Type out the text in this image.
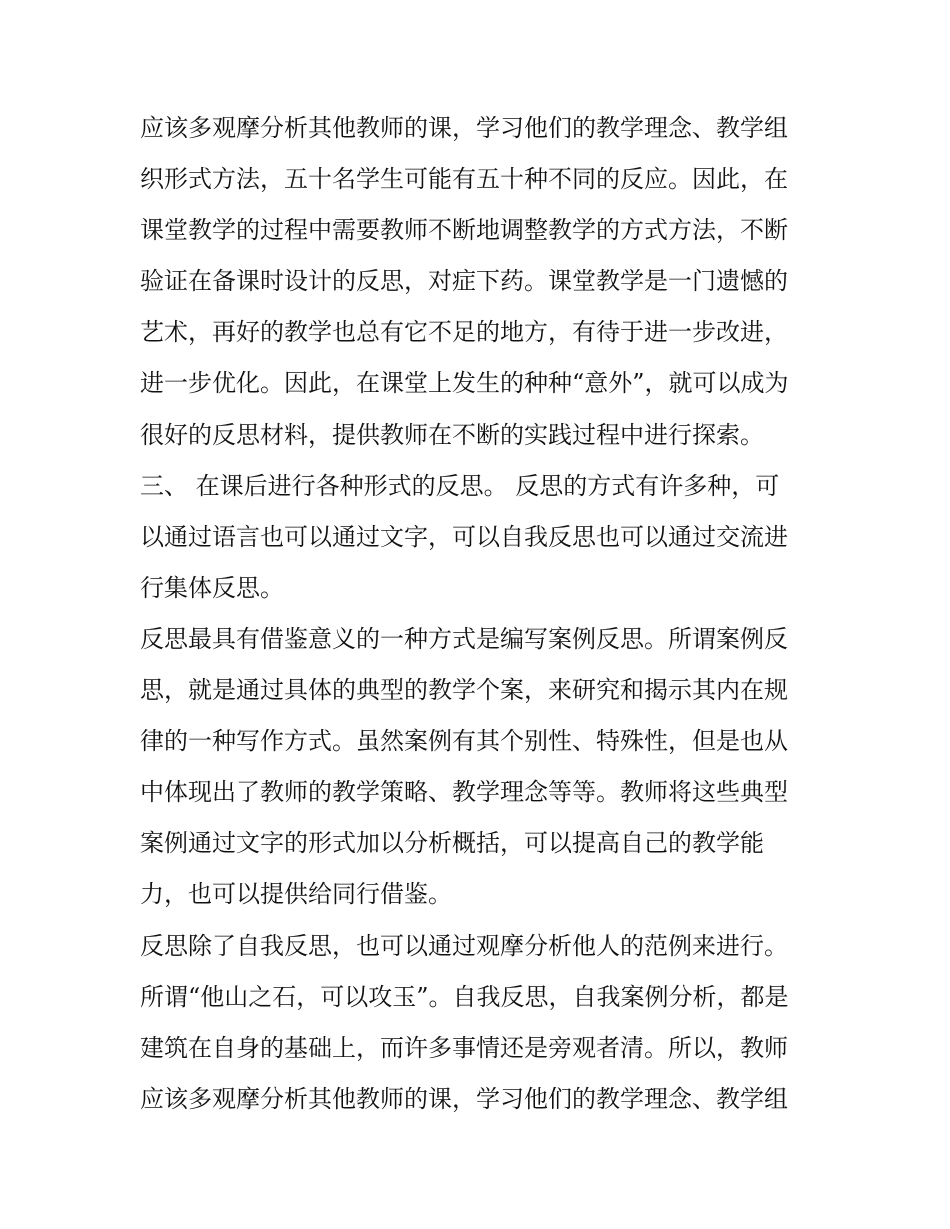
应该多观摩分析其他教师的课，学习他们的教学理念、教学组

织形式方法，五十名学生可能有五十种不同的反应。因此，在

课堂教学的过程中需要教师不断地调整教学的方式方法，不断

验证在备课时设计的反思，对症下药。课堂教学是一门遗憾的

艺术，再好的教学也总有它不足的地方，有待于进一步改进，

进一步优化。因此，在课堂上发生的种种“意外”，就可以成为

很好的反思材料，提供教师在不断的实践过程中进行探索。

三、 在课后进行各种形式的反思。 反思的方式有许多种，可

以通过语言也可以通过文字，可以自我反思也可以通过交流进

行集体反思。

反思最具有借鉴意义的一种方式是编写案例反思。所谓案例反

思，就是通过具体的典型的教学个案，来研究和揭示其内在规

律的一种写作方式。虽然案例有其个别性、特殊性，但是也从

中体现出了教师的教学策略、教学理念等等。教师将这些典型

案例通过文字的形式加以分析概括，可以提高自己的教学能

力，也可以提供给同行借鉴。

反思除了自我反思，也可以通过观摩分析他人的范例来进行。

所谓“他山之石，可以攻玉”。自我反思，自我案例分析，都是

建筑在自身的基础上，而许多事情还是旁观者清。所以，教师

应该多观摩分析其他教师的课，学习他们的教学理念、教学组
